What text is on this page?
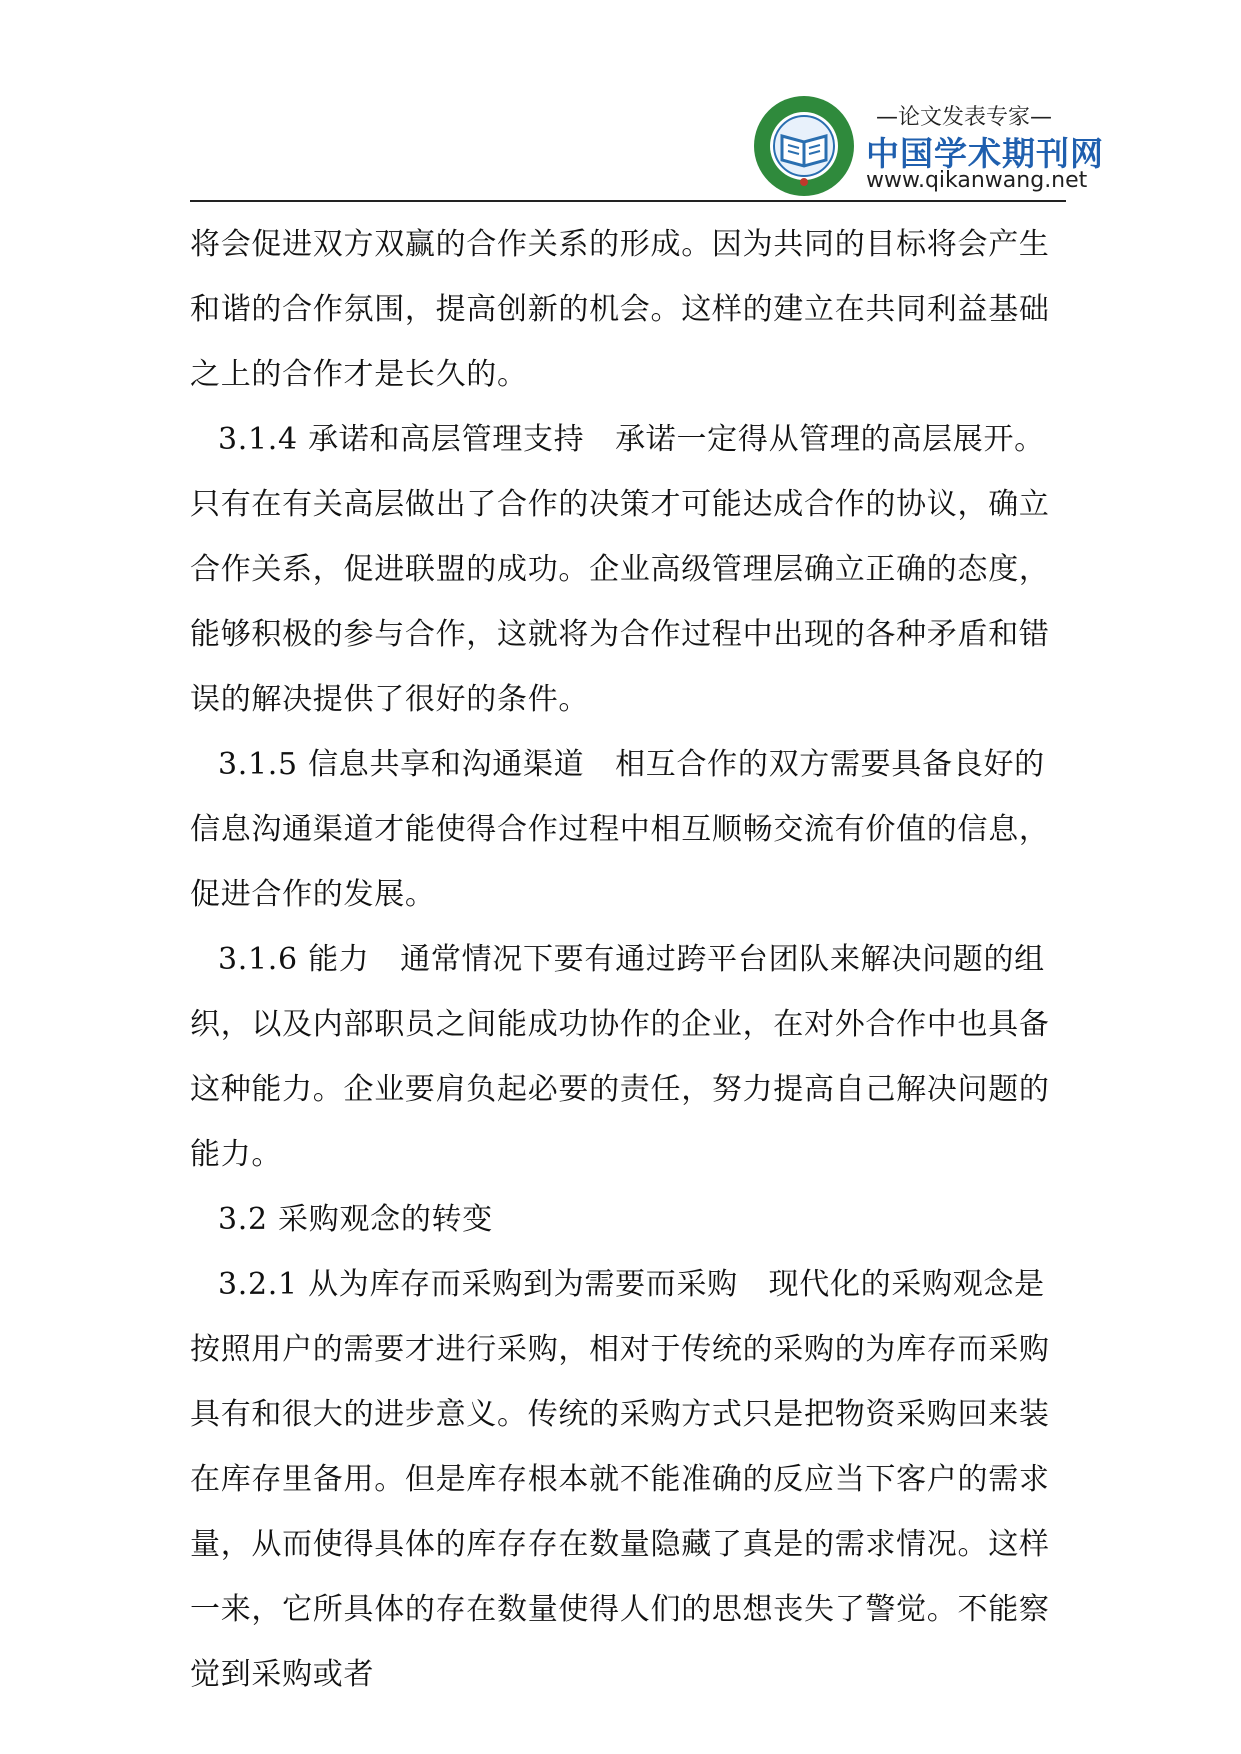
—论文发表专家—
中国学术期刊网
www.qikanwang.net

将会促进双方双赢的合作关系的形成。因为共同的目标将会产生和谐的合作氛围，提高创新的机会。这样的建立在共同利益基础之上的合作才是长久的。

3.1.4 承诺和高层管理支持　承诺一定得从管理的高层展开。只有在有关高层做出了合作的决策才可能达成合作的协议，确立合作关系，促进联盟的成功。企业高级管理层确立正确的态度，能够积极的参与合作，这就将为合作过程中出现的各种矛盾和错误的解决提供了很好的条件。

3.1.5 信息共享和沟通渠道　相互合作的双方需要具备良好的信息沟通渠道才能使得合作过程中相互顺畅交流有价值的信息，促进合作的发展。

3.1.6 能力　通常情况下要有通过跨平台团队来解决问题的组织，以及内部职员之间能成功协作的企业，在对外合作中也具备这种能力。企业要肩负起必要的责任，努力提高自己解决问题的能力。

3.2 采购观念的转变

3.2.1 从为库存而采购到为需要而采购　现代化的采购观念是按照用户的需要才进行采购，相对于传统的采购的为库存而采购具有和很大的进步意义。传统的采购方式只是把物资采购回来装在库存里备用。但是库存根本就不能准确的反应当下客户的需求量，从而使得具体的库存存在数量隐藏了真是的需求情况。这样一来，它所具体的存在数量使得人们的思想丧失了警觉。不能察觉到采购或者
